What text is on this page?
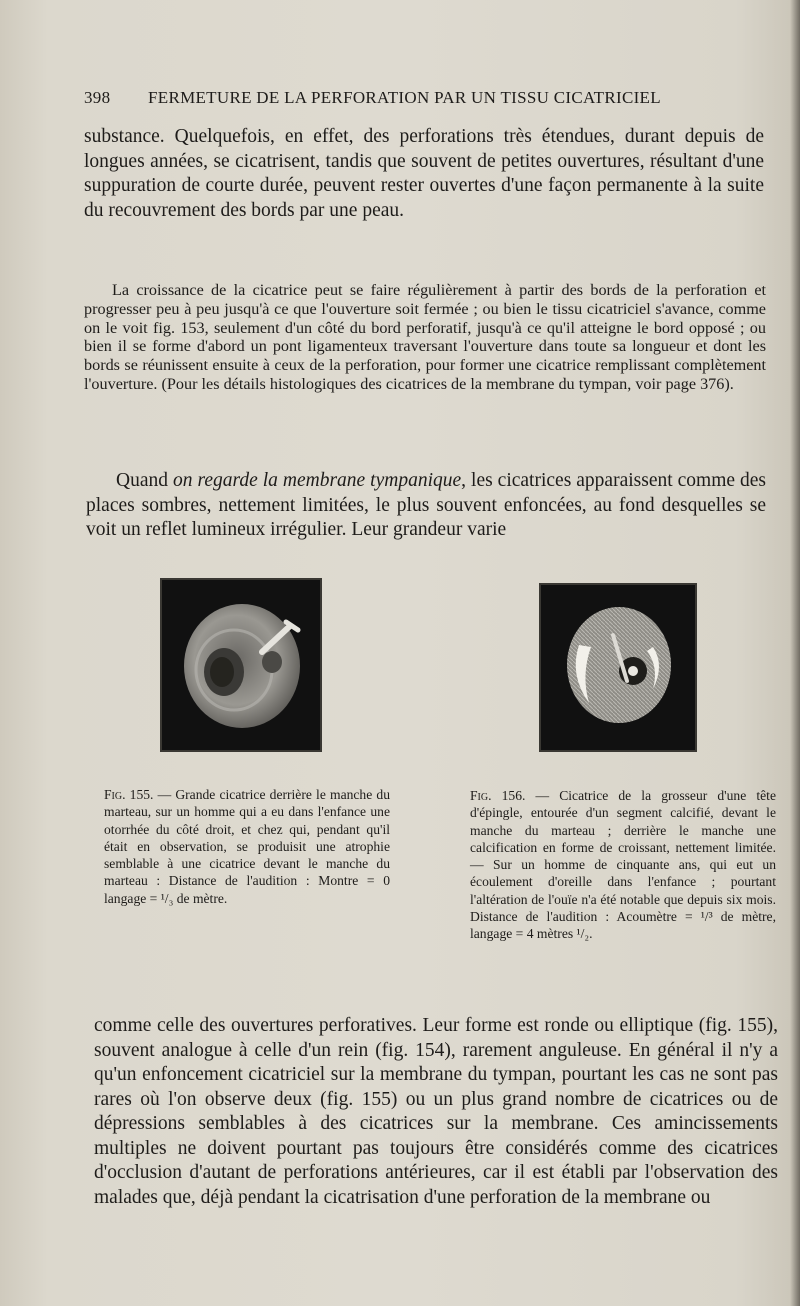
398	FERMETURE DE LA PERFORATION PAR UN TISSU CICATRICIEL

substance. Quelquefois, en effet, des perforations très étendues, durant depuis de longues années, se cicatrisent, tandis que souvent de petites ouvertures, résultant d'une suppuration de courte durée, peuvent rester ouvertes d'une façon permanente à la suite du recouvrement des bords par une peau.

La croissance de la cicatrice peut se faire régulièrement à partir des bords de la perforation et progresser peu à peu jusqu'à ce que l'ouverture soit fermée ; ou bien le tissu cicatriciel s'avance, comme on le voit fig. 153, seulement d'un côté du bord perforatif, jusqu'à ce qu'il atteigne le bord opposé ; ou bien il se forme d'abord un pont ligamenteux traversant l'ouverture dans toute sa longueur et dont les bords se réunissent ensuite à ceux de la perforation, pour former une cicatrice remplissant complètement l'ouverture. (Pour les détails histologiques des cicatrices de la membrane du tympan, voir page 376).

Quand on regarde la membrane tympanique, les cicatrices apparaissent comme des places sombres, nettement limitées, le plus souvent enfoncées, au fond desquelles se voit un reflet lumineux irrégulier. Leur grandeur varie

Fig. 155. — Grande cicatrice derrière le manche du marteau, sur un homme qui a eu dans l'enfance une otorrhée du côté droit, et chez qui, pendant qu'il était en observation, se produisit une atrophie semblable à une cicatrice devant le manche du marteau : Distance de l'audition : Montre = 0 langage = ¹/₃ de mètre.

Fig. 156. — Cicatrice de la grosseur d'une tête d'épingle, entourée d'un segment calcifié, devant le manche du marteau ; derrière le manche une calcification en forme de croissant, nettement limitée. — Sur un homme de cinquante ans, qui eut un écoulement d'oreille dans l'enfance ; pourtant l'altération de l'ouïe n'a été notable que depuis six mois. Distance de l'audition : Acoumètre = ¹/³ de mètre, langage = 4 mètres ¹/₂.

comme celle des ouvertures perforatives. Leur forme est ronde ou elliptique (fig. 155), souvent analogue à celle d'un rein (fig. 154), rarement anguleuse. En général il n'y a qu'un enfoncement cicatriciel sur la membrane du tympan, pourtant les cas ne sont pas rares où l'on observe deux (fig. 155) ou un plus grand nombre de cicatrices ou de dépressions semblables à des cicatrices sur la membrane. Ces amincissements multiples ne doivent pourtant pas toujours être considérés comme des cicatrices d'occlusion d'autant de perforations antérieures, car il est établi par l'observation des malades que, déjà pendant la cicatrisation d'une perforation de la membrane ou
